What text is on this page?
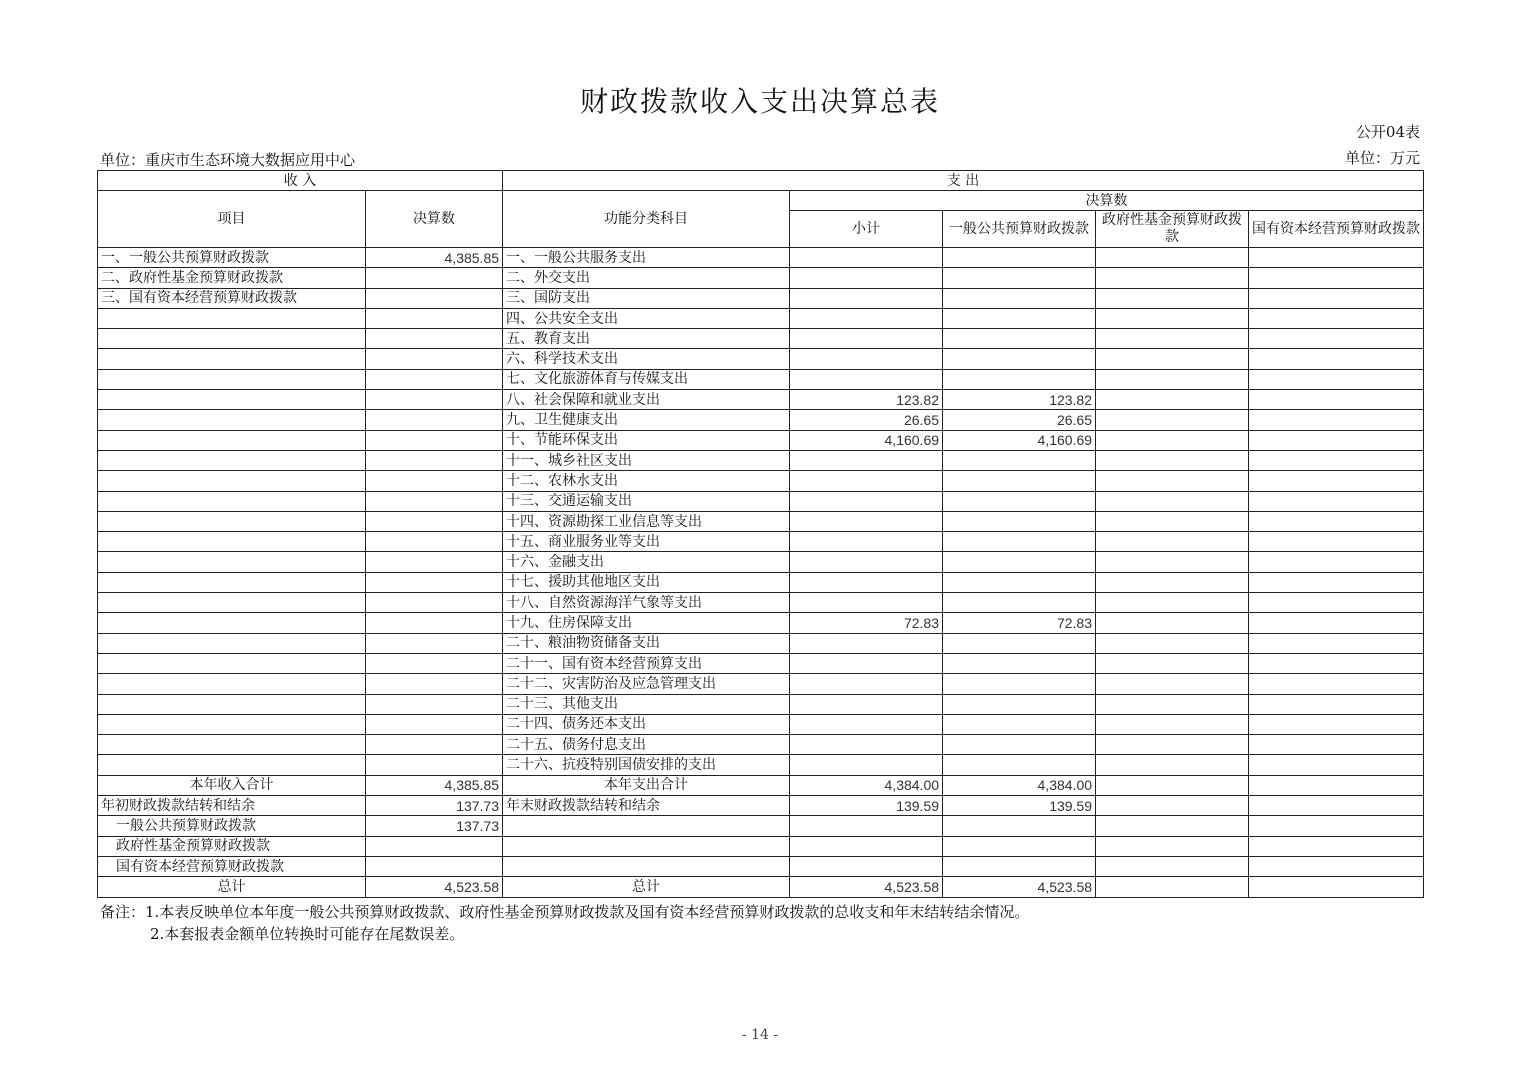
财政拨款收入支出决算总表
公开04表
单位：重庆市生态环境大数据应用中心	单位：万元
收 入		支 出				
项目	决算数	功能分类科目	决算数			
			小计	一般公共预算财政拨款	政府性基金预算财政拨款	国有资本经营预算财政拨款
一、一般公共预算财政拨款	4,385.85	一、一般公共服务支出				
二、政府性基金预算财政拨款		二、外交支出				
三、国有资本经营预算财政拨款		三、国防支出				
		四、公共安全支出				
		五、教育支出				
		六、科学技术支出				
		七、文化旅游体育与传媒支出				
		八、社会保障和就业支出	123.82	123.82		
		九、卫生健康支出	26.65	26.65		
		十、节能环保支出	4,160.69	4,160.69		
		十一、城乡社区支出				
		十二、农林水支出				
		十三、交通运输支出				
		十四、资源勘探工业信息等支出				
		十五、商业服务业等支出				
		十六、金融支出				
		十七、援助其他地区支出				
		十八、自然资源海洋气象等支出				
		十九、住房保障支出	72.83	72.83		
		二十、粮油物资储备支出				
		二十一、国有资本经营预算支出				
		二十二、灾害防治及应急管理支出				
		二十三、其他支出				
		二十四、债务还本支出				
		二十五、债务付息支出				
		二十六、抗疫特别国债安排的支出				
本年收入合计	4,385.85	本年支出合计	4,384.00	4,384.00		
年初财政拨款结转和结余	137.73	年末财政拨款结转和结余	139.59	139.59		
一般公共预算财政拨款	137.73					
政府性基金预算财政拨款						
国有资本经营预算财政拨款						
总计	4,523.58	总计	4,523.58	4,523.58		
备注：1.本表反映单位本年度一般公共预算财政拨款、政府性基金预算财政拨款及国有资本经营预算财政拨款的总收支和年末结转结余情况。
2.本套报表金额单位转换时可能存在尾数误差。
- 14 -
